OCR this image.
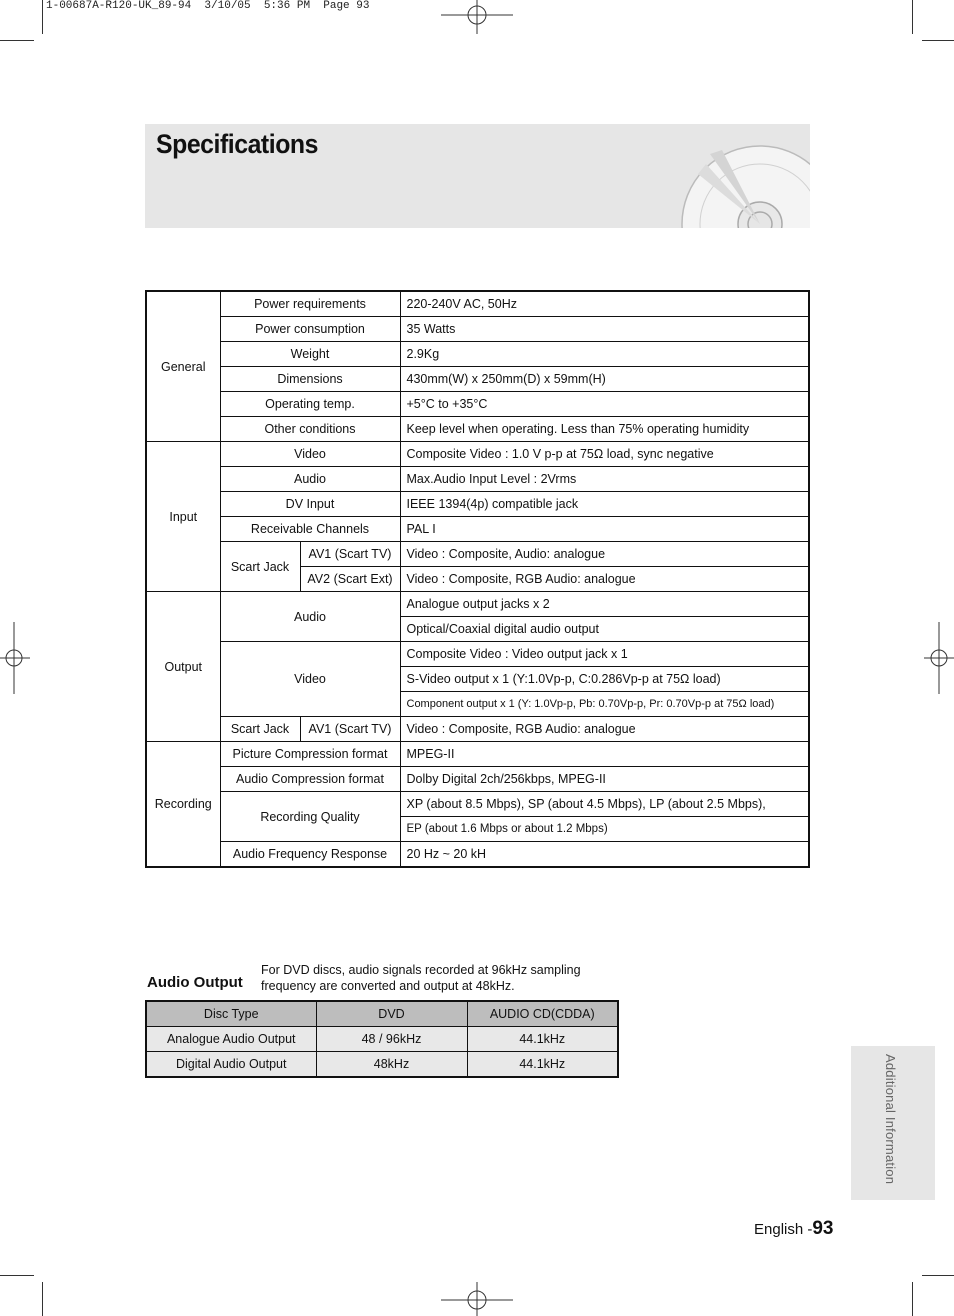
1-00687A-R120-UK_89-94  3/10/05  5:36 PM  Page 93
Specifications
General	Power requirements		220-240V AC, 50Hz
	Power consumption		35 Watts
	Weight		2.9Kg
	Dimensions		430mm(W) x 250mm(D) x 59mm(H)
	Operating temp.		+5°C to +35°C
	Other conditions		Keep level when operating. Less than 75% operating humidity
Input	Video		Composite Video : 1.0 V p-p at 75Ω load, sync negative
	Audio		Max.Audio Input Level : 2Vrms
	DV Input		IEEE 1394(4p) compatible jack
	Receivable Channels		PAL I
	Scart Jack	AV1 (Scart TV)	Video : Composite, Audio: analogue
		AV2 (Scart Ext)	Video : Composite, RGB Audio: analogue
Output	Audio		Analogue output jacks x 2
			Optical/Coaxial digital audio output
	Video		Composite Video : Video output jack x 1
			S-Video output x 1 (Y:1.0Vp-p, C:0.286Vp-p at 75Ω load)
			Component output x 1 (Y: 1.0Vp-p, Pb: 0.70Vp-p, Pr: 0.70Vp-p at 75Ω load)
	Scart Jack	AV1 (Scart TV)	Video : Composite, RGB Audio: analogue
Recording	Picture Compression format		MPEG-II
	Audio Compression format		Dolby Digital 2ch/256kbps, MPEG-II
	Recording Quality		XP (about 8.5 Mbps), SP (about 4.5 Mbps), LP (about 2.5 Mbps),
			EP (about 1.6 Mbps or about 1.2 Mbps)
	Audio Frequency Response		20 Hz ~ 20 kH
Audio Output
For DVD discs, audio signals recorded at 96kHz sampling frequency are converted and output at 48kHz.
Disc Type	DVD	AUDIO CD(CDDA)
Analogue Audio Output	48 / 96kHz	44.1kHz
Digital Audio Output	48kHz	44.1kHz	Additional Information
English -93
